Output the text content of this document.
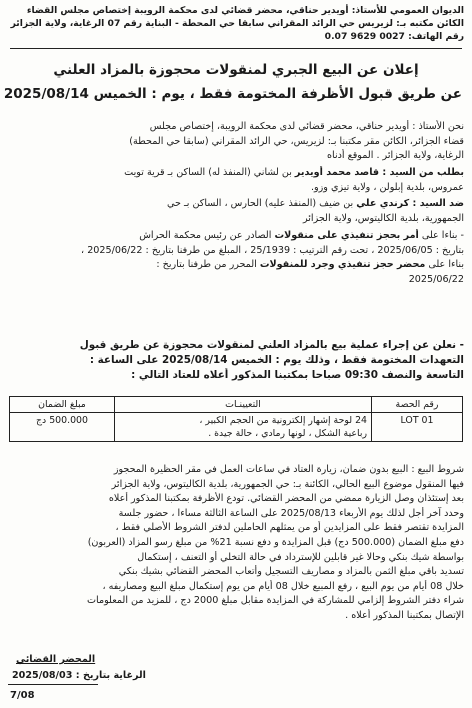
الديوان العمومي للأستاذ: أويدير حناقي، محضر قضائي لدى محكمة الرويبة إختصاص مجلس القضاء
الكائن مكتبه بـ: لزيريس حي الرائد المقراني سابقا حي المحطة - البناية رقم 07 الرغاية، ولاية الجزائر
رقم الهاتف: 0027 9629 0.07
إعلان عن البيع الجبري لمنقولات محجوزة بالمزاد العلني
عن طريق قبول الأظرفة المختومة فقط ، يوم : الخميس 2025/08/14
نحن الأستاذ : أويدير حناقي، محضر قضائي لدى محكمة الرويبة، إختصاص مجلس
قضاء الجزائر، الكائن مقر مكتبنا بـ: لزيريس، حي الرائد المقراني (سابقا حي المحطة)
الرغاية، ولاية الجزائر . الموقع أدناه
بطلب من السيد : قاصد محمد أويدير بن لشاني (المنفذ له) الساكن بـ قرية تويت
عمروس، بلدية إبلولن ، ولاية تيزي وزو.
ضد السيد : كرندي علي بن ضيف (المنفذ عليه) الحارس ، الساكن بـ حي
الجمهورية، بلدية الكاليتوس، ولاية الجزائر
- بناءا على أمر بحجز تنفيذي على منقولات الصادر عن رئيس محكمة الحراش
بتاريخ : 2025/06/05 ، تحت رقم الترتيب : 25/1939 ، المبلغ من طرفنا بتاريخ : 2025/06/22 ،
بناءا على محضر حجز تنفيذي وجرد للمنقولات المحرر من طرفنا بتاريخ :
2025/06/22
- نعلن عن إجراء عملية بيع بالمزاد العلني لمنقولات محجوزة عن طريق قبول
التعهدات المختومة فقط ، وذلك يوم : الخميس 2025/08/14 على الساعة :
التاسعة والنصف 09:30 صباحا بمكتبنا المذكور أعلاه للعتاد التالي :
رقم الحصة	التعيينـات	مبلغ الضمان
LOT 01	24 لوحة إشهار إلكترونية من الحجم الكبير ،
رباعية الشكل ، لونها رمادي ، حالة جيدة .	500.000 دج
شروط البيع : البيع بدون ضمان، زيارة العتاد في ساعات العمل في مقر الحظيرة المحجوز
فيها المنقول موضوع البيع الحالي، الكائنة بـ: حي الجمهورية، بلدية الكاليتوس، ولاية الجزائر
بعد إستئذان وصل الزيارة ممضي من المحضر القضائي. تودع الأظرفة بمكتبنا المذكور أعلاه
وحدد آخر أجل لذلك يوم الأربعاء 2025/08/13 على الساعة الثالثة مساءا ، حضور جلسة
المزايدة تقتصر فقط على المزايدين أو من يمثلهم الحاملين لدفتر الشروط الأصلي فقط ،
دفع مبلغ الضمان (500.000 دج) قبل المزايدة و دفع نسبة 21% من مبلغ رسو المزاد (العربون)
بواسطة شيك بنكي وحالا غير قابلين للإسترداد في حالة التخلي أو التعنف ، إستكمال
تسديد باقي مبلغ الثمن بالمزاد و مصاريف التسجيل وأتعاب المحضر القضائي بشيك بنكي
خلال 08 أيام من يوم البيع ، رفع المبيع خلال 08 أيام من يوم إستكمال مبلغ البيع ومصاريفه ،
شراء دفتر الشروط إلزامي للمشاركة في المزايدة مقابل مبلغ 2000 دج ، للمزيد من المعلومات
الإتصال بمكتبنا المذكور أعلاه .
المحضر القضائي
الرغاية بتاريخ : 2025/08/03
7/08
